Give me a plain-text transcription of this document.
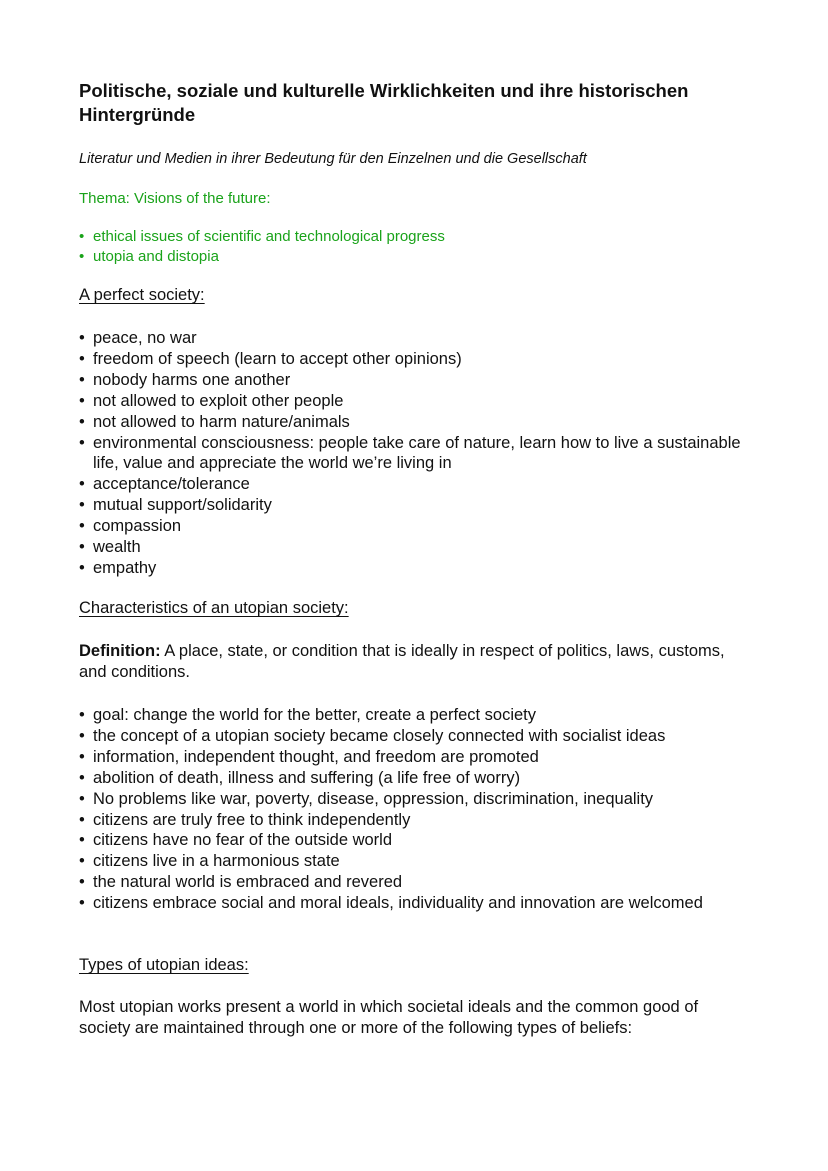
Politische, soziale und kulturelle Wirklichkeiten und ihre historischen Hintergründe

Literatur und Medien in ihrer Bedeutung für den Einzelnen und die Gesellschaft

Thema: Visions of the future:

• ethical issues of scientific and technological progress
• utopia and distopia

A perfect society:

• peace, no war
• freedom of speech (learn to accept other opinions)
• nobody harms one another
• not allowed to exploit other people
• not allowed to harm nature/animals
• environmental consciousness: people take care of nature, learn how to live a sustainable life, value and appreciate the world we’re living in
• acceptance/tolerance
• mutual support/solidarity
• compassion
• wealth
• empathy

Characteristics of an utopian society:

Definition: A place, state, or condition that is ideally in respect of politics, laws, customs, and conditions.

• goal: change the world for the better, create a perfect society
• the concept of a utopian society became closely connected with socialist ideas
• information, independent thought, and freedom are promoted
• abolition of death, illness and suffering (a life free of worry)
• No problems like war, poverty, disease, oppression, discrimination, inequality
• citizens are truly free to think independently
• citizens have no fear of the outside world
• citizens live in a harmonious state
• the natural world is embraced and revered
• citizens embrace social and moral ideals, individuality and innovation are welcomed

Types of utopian ideas:

Most utopian works present a world in which societal ideals and the common good of society are maintained through one or more of the following types of beliefs:
